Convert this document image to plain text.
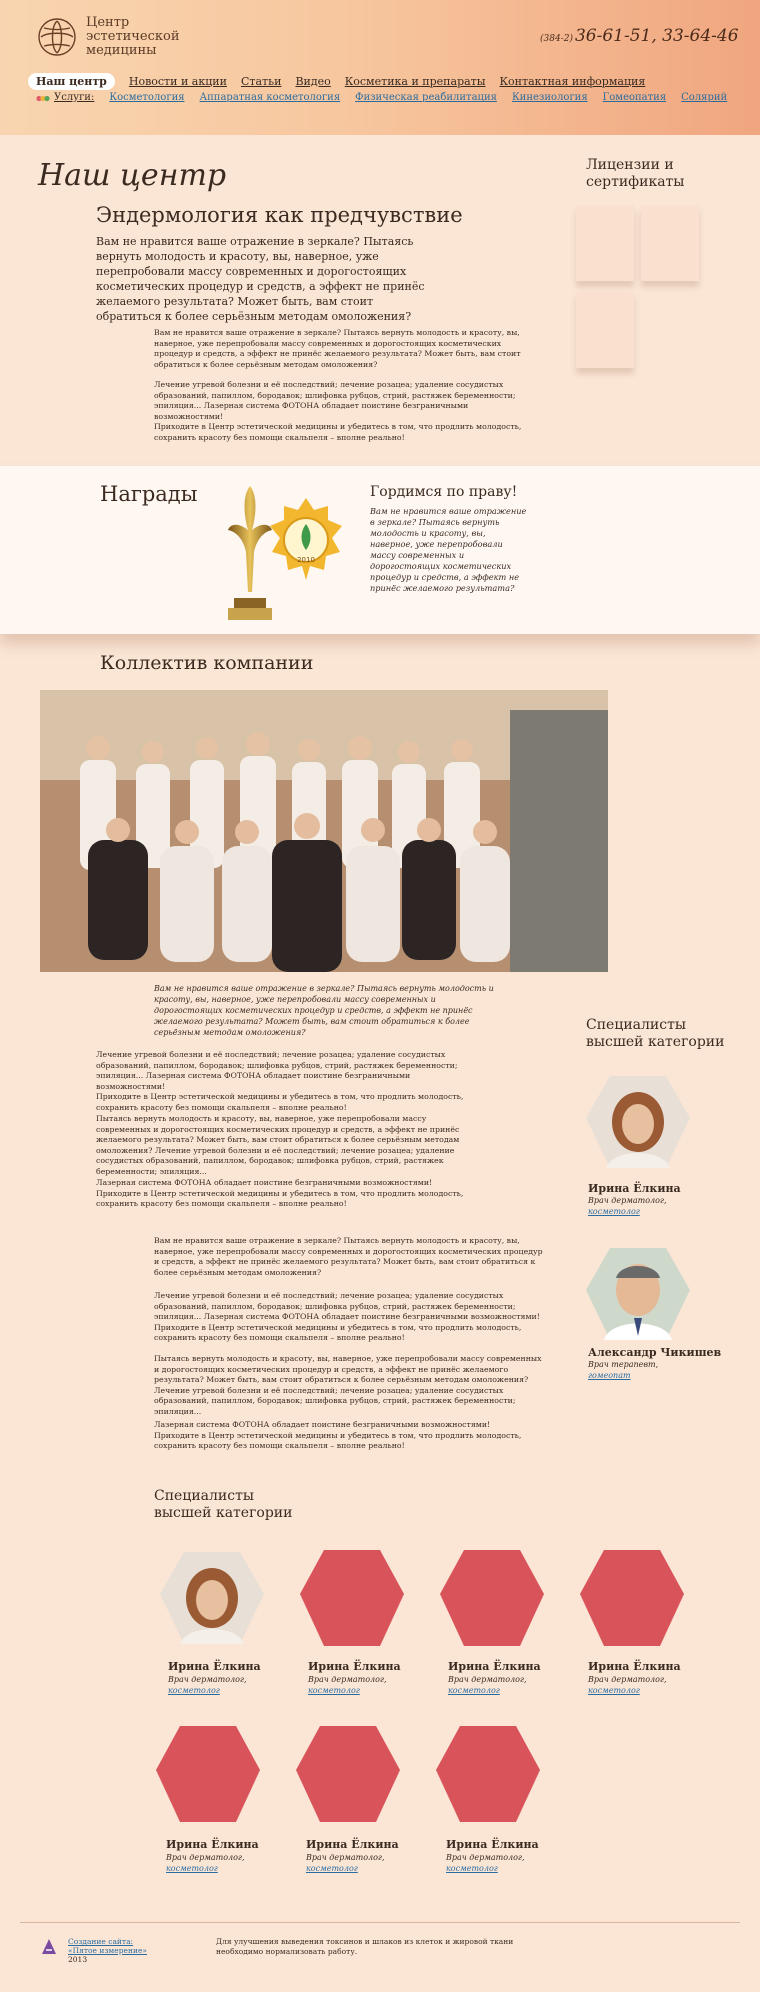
Центр
эстетической
медицины
(384-2) 36-61-51, 33-64-46
Наш центр	Новости и акции Статьи Видео Косметика и препараты Контактная информация
Услуги: Косметология Аппаратная косметология Физическая реабилитация Кинезиология Гомеопатия Солярий
Наш центр
Эндермология как предчувствие
Вам не нравится ваше отражение в зеркале? Пытаясь вернуть молодость и красоту, вы, наверное, уже перепробовали массу современных и дорогостоящих косметических процедур и средств, а эффект не принёс желаемого результата? Может быть, вам стоит обратиться к более серьёзным методам омоложения?
Вам не нравится ваше отражение в зеркале? Пытаясь вернуть молодость и красоту, вы, наверное, уже перепробовали массу современных и дорогостоящих косметических процедур и средств, а эффект не принёс желаемого результата? Может быть, вам стоит обратиться к более серьёзным методам омоложения?
Лечение угревой болезни и её последствий; лечение розацеа; удаление сосудистых образований, папиллом, бородавок; шлифовка рубцов, стрий, растяжек беременности; эпиляция... Лазерная система ФОТОНА обладает поистине безграничными возможностями!
Приходите в Центр эстетической медицины и убедитесь в том, что продлить молодость, сохранить красоту без помощи скальпеля – вполне реально!
Лицензии и сертификаты
Награды
2010
Гордимся по праву!
Вам не нравится ваше отражение в зеркале? Пытаясь вернуть молодость и красоту, вы, наверное, уже перепробовали массу современных и дорогостоящих косметических процедур и средств, а эффект не принёс желаемого результата?
Коллектив компании
Вам не нравится ваше отражение в зеркале? Пытаясь вернуть молодость и красоту, вы, наверное, уже перепробовали массу современных и дорогостоящих косметических процедур и средств, а эффект не принёс желаемого результата? Может быть, вам стоит обратиться к более серьёзным методам омоложения?
Лечение угревой болезни и её последствий; лечение розацеа; удаление сосудистых образований, папиллом, бородавок; шлифовка рубцов, стрий, растяжек беременности; эпиляция... Лазерная система ФОТОНА обладает поистине безграничными возможностями!
Приходите в Центр эстетической медицины и убедитесь в том, что продлить молодость, сохранить красоту без помощи скальпеля – вполне реально!
Пытаясь вернуть молодость и красоту, вы, наверное, уже перепробовали массу современных и дорогостоящих косметических процедур и средств, а эффект не принёс желаемого результата? Может быть, вам стоит обратиться к более серьёзным методам омоложения? Лечение угревой болезни и её последствий; лечение розацеа; удаление сосудистых образований, папиллом, бородавок; шлифовка рубцов, стрий, растяжек беременности; эпиляция...
Лазерная система ФОТОНА обладает поистине безграничными возможностями!
Приходите в Центр эстетической медицины и убедитесь в том, что продлить молодость, сохранить красоту без помощи скальпеля – вполне реально!
Вам не нравится ваше отражение в зеркале? Пытаясь вернуть молодость и красоту, вы, наверное, уже перепробовали массу современных и дорогостоящих косметических процедур и средств, а эффект не принёс желаемого результата? Может быть, вам стоит обратиться к более серьёзным методам омоложения?
Лечение угревой болезни и её последствий; лечение розацеа; удаление сосудистых образований, папиллом, бородавок; шлифовка рубцов, стрий, растяжек беременности; эпиляция... Лазерная система ФОТОНА обладает поистине безграничными возможностями!
Приходите в Центр эстетической медицины и убедитесь в том, что продлить молодость, сохранить красоту без помощи скальпеля – вполне реально!
Пытаясь вернуть молодость и красоту, вы, наверное, уже перепробовали массу современных и дорогостоящих косметических процедур и средств, а эффект не принёс желаемого результата? Может быть, вам стоит обратиться к более серьёзным методам омоложения? Лечение угревой болезни и её последствий; лечение розацеа; удаление сосудистых образований, папиллом, бородавок; шлифовка рубцов, стрий, растяжек беременности; эпиляция...
Лазерная система ФОТОНА обладает поистине безграничными возможностями!
Приходите в Центр эстетической медицины и убедитесь в том, что продлить молодость, сохранить красоту без помощи скальпеля – вполне реально!
Специалисты высшей категории
Ирина Ёлкина
Врач дерматолог,
косметолог
Александр Чикишев
Врач терапевт,
гомеопат
Специалисты высшей категории
Ирина Ёлкина
Врач дерматолог,
косметолог
Ирина Ёлкина
Врач дерматолог,
косметолог
Ирина Ёлкина
Врач дерматолог,
косметолог
Ирина Ёлкина
Врач дерматолог,
косметолог
Ирина Ёлкина
Врач дерматолог,
косметолог
Ирина Ёлкина
Врач дерматолог,
косметолог
Ирина Ёлкина
Врач дерматолог,
косметолог
Создание сайта:
«Пятое измерение»
2013
Для улучшения выведения токсинов и шлаков из клеток и жировой ткани необходимо нормализовать работу.
